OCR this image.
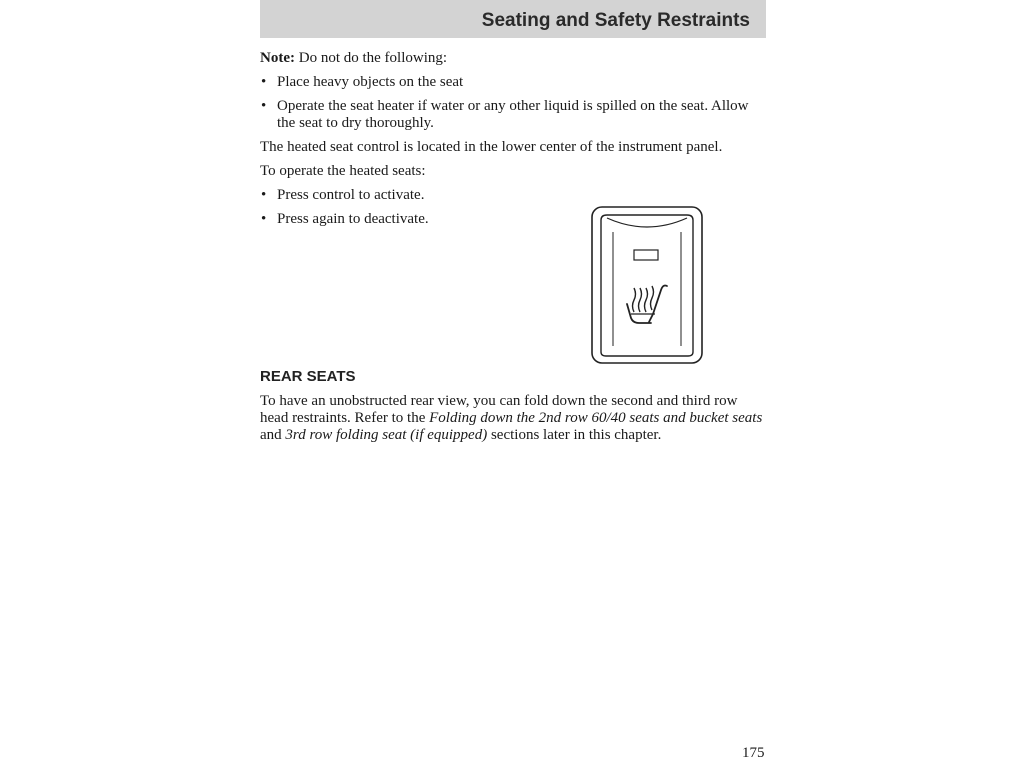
Seating and Safety Restraints

Note: Do not do the following:

• Place heavy objects on the seat
• Operate the seat heater if water or any other liquid is spilled on the seat. Allow the seat to dry thoroughly.

The heated seat control is located in the lower center of the instrument panel.

To operate the heated seats:

• Press control to activate.
• Press again to deactivate.
REAR SEATS

To have an unobstructed rear view, you can fold down the second and third row head restraints. Refer to the Folding down the 2nd row 60/40 seats and bucket seats and 3rd row folding seat (if equipped) sections later in this chapter.

175
